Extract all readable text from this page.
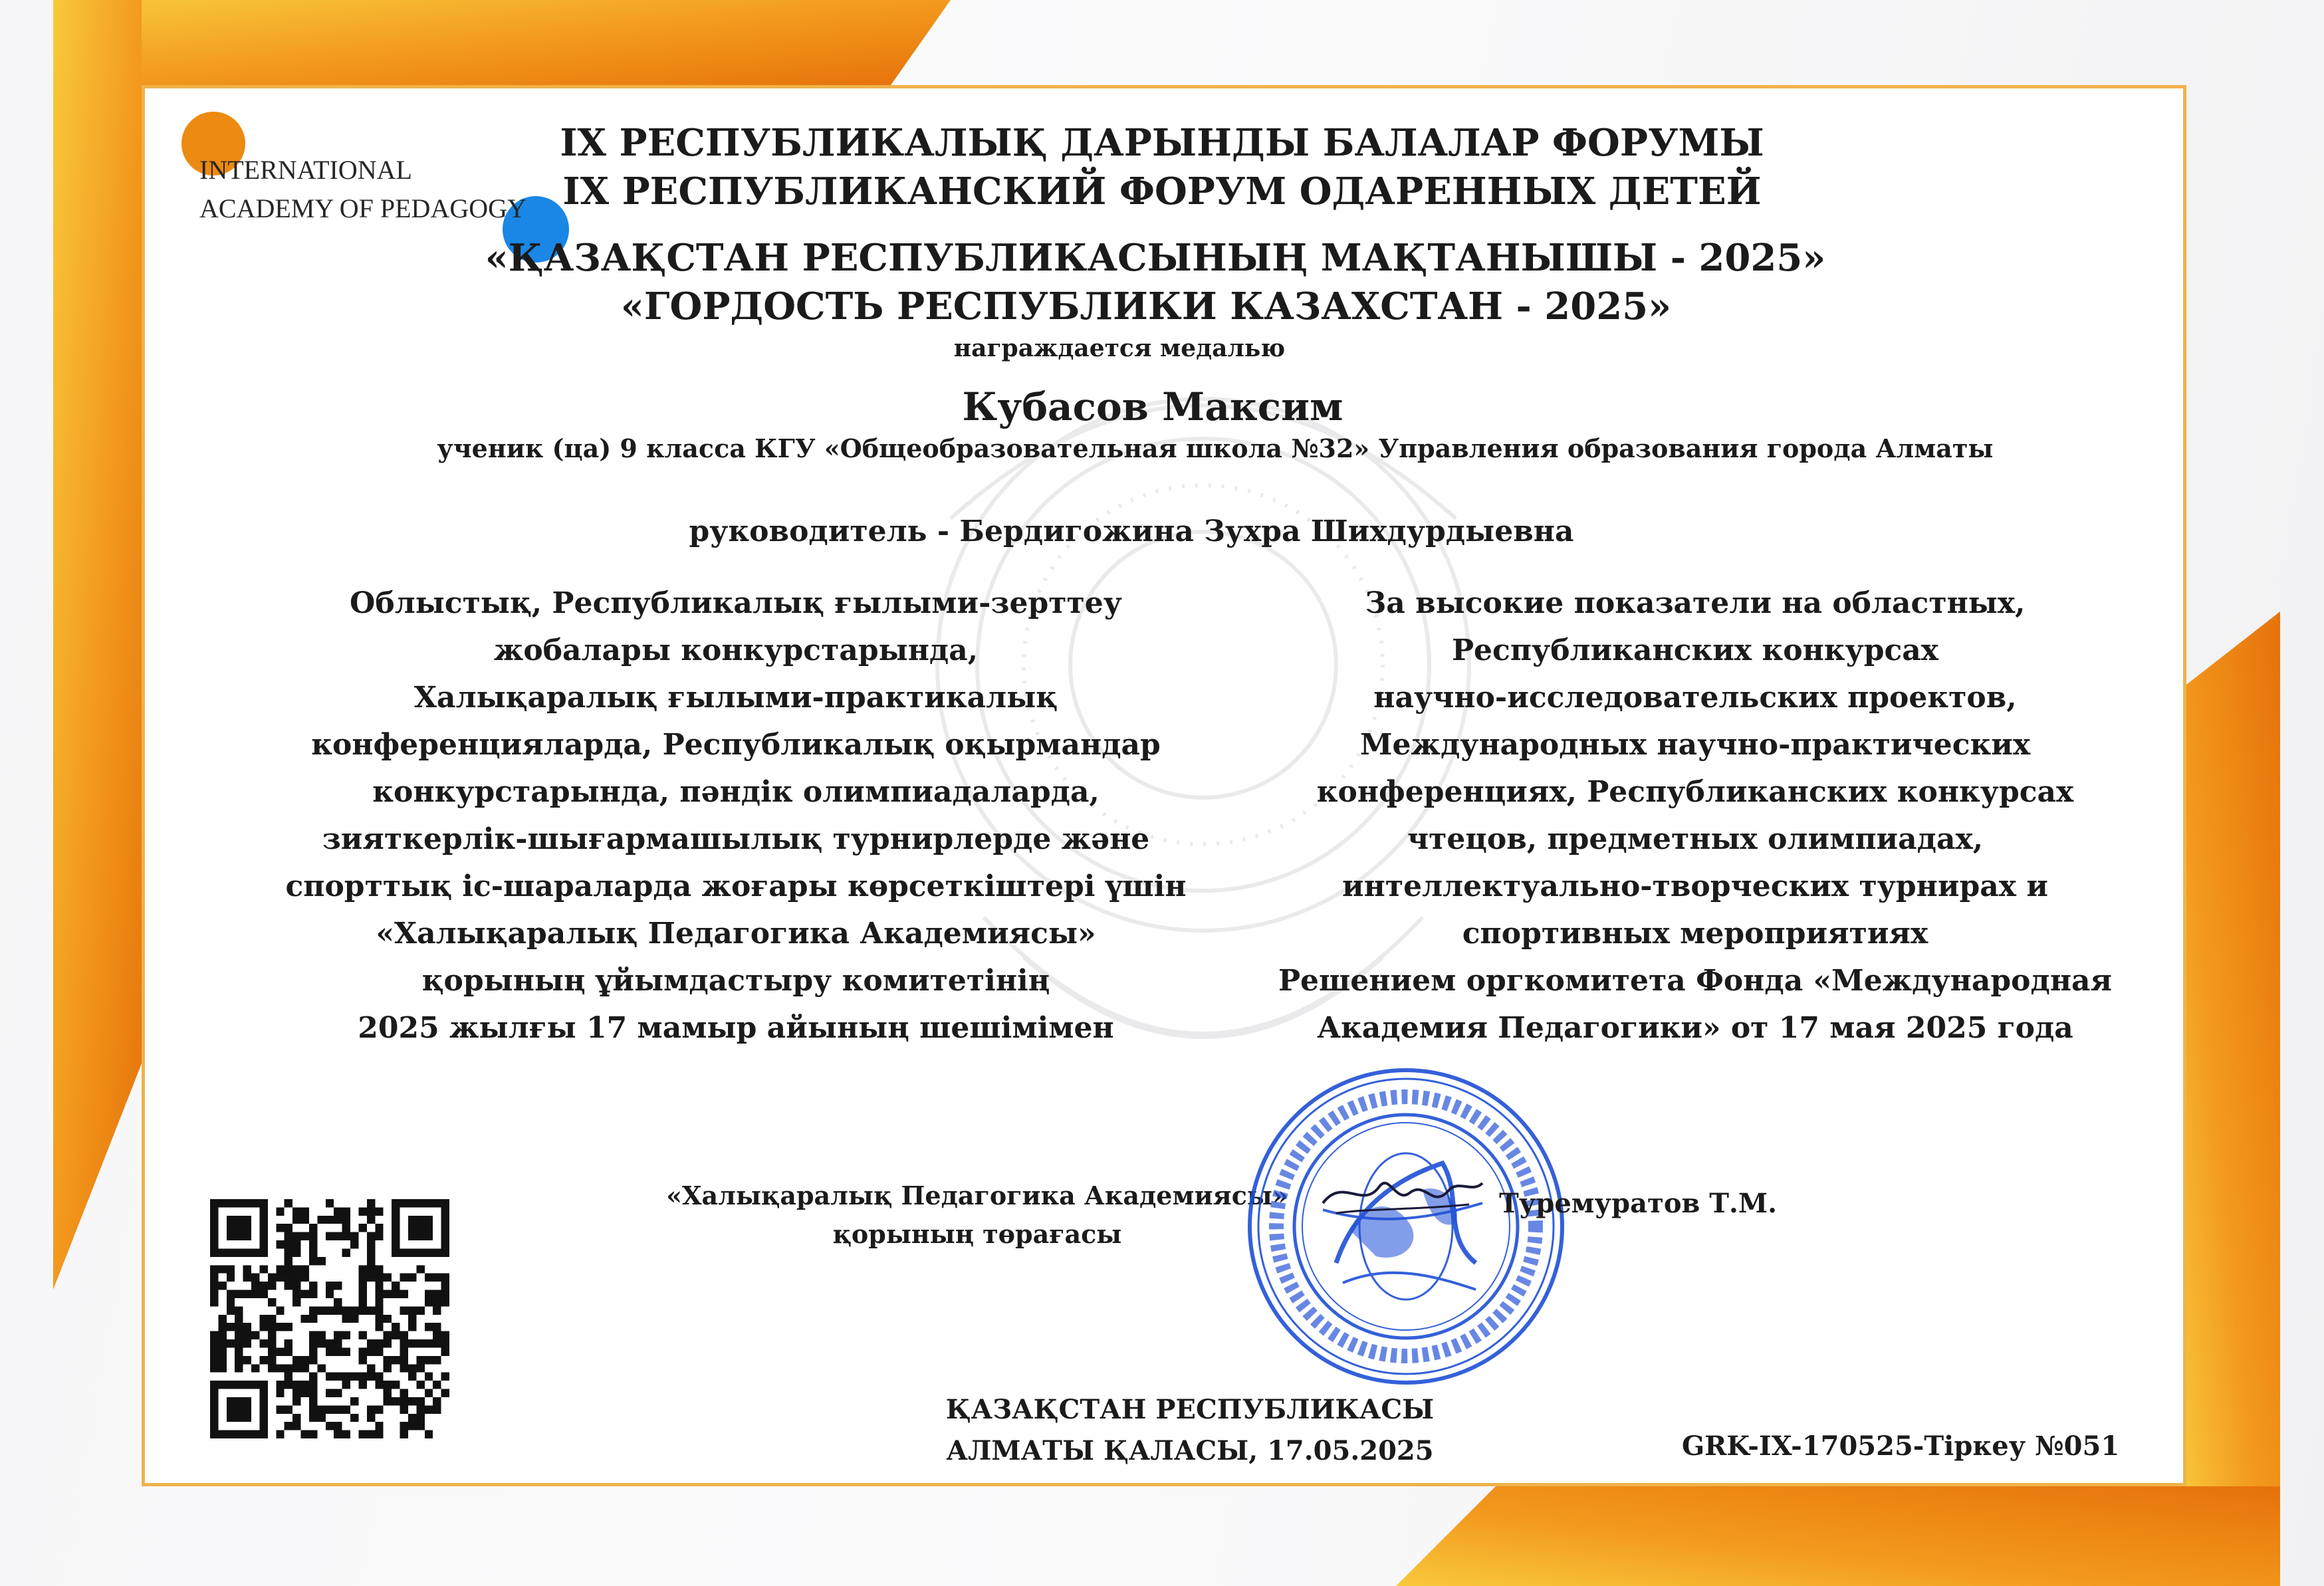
INTERNATIONAL
ACADEMY OF PEDAGOGY
IX РЕСПУБЛИКАЛЫҚ ДАРЫНДЫ БАЛАЛАР ФОРУМЫ
IX РЕСПУБЛИКАНСКИЙ ФОРУМ ОДАРЕННЫХ ДЕТЕЙ
«ҚАЗАҚСТАН РЕСПУБЛИКАСЫНЫҢ МАҚТАНЫШЫ - 2025»
«ГОРДОСТЬ РЕСПУБЛИКИ КАЗАХСТАН - 2025»
награждается медалью
Кубасов Максим
ученик (ца) 9 класса КГУ «Общеобразовательная школа №32» Управления образования города Алматы
руководитель - Бердигожина Зухра Шихдурдыевна
Облыстық, Республикалық ғылыми-зерттеу
жобалары конкурстарында,
Халықаралық ғылыми-практикалық
конференцияларда, Республикалық оқырмандар
конкурстарында, пәндік олимпиадаларда,
зияткерлік-шығармашылық турнирлерде және
спорттық іс-шараларда жоғары көрсеткіштері үшін
«Халықаралық Педагогика Академиясы»
қорының ұйымдастыру комитетінің
2025 жылғы 17 мамыр айының шешімімен
За высокие показатели на областных,
Республиканских конкурсах
научно-исследовательских проектов,
Международных научно-практических
конференциях, Республиканских конкурсах
чтецов, предметных олимпиадах,
интеллектуально-творческих турнирах и
спортивных мероприятиях
Решением оргкомитета Фонда «Международная
Академия Педагогики» от 17 мая 2025 года
«Халықаралық Педагогика Академиясы»
қорының төрағасы
Туремуратов Т.М.
ҚАЗАҚСТАН РЕСПУБЛИКАСЫ
АЛМАТЫ ҚАЛАСЫ, 17.05.2025	GRK-IX-170525-Тіркеу №051
